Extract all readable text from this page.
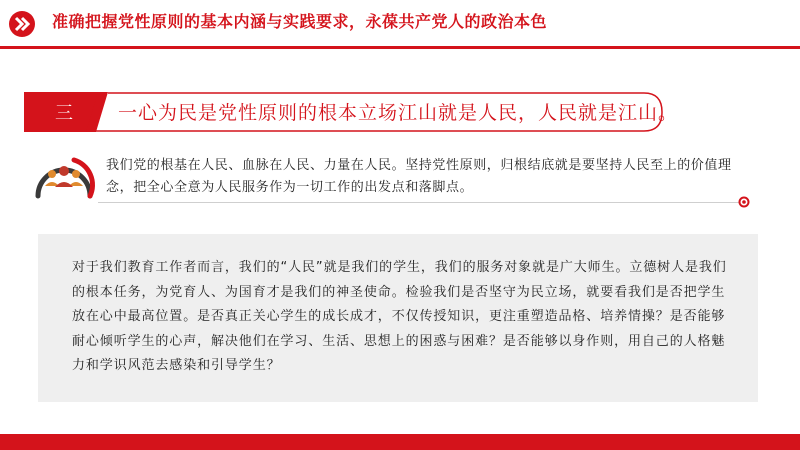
准确把握党性原则的基本内涵与实践要求，永葆共产党人的政治本色
三	一心为民是党性原则的根本立场江山就是人民，人民就是江山。
我们党的根基在人民、血脉在人民、力量在人民。坚持党性原则，归根结底就是要坚持人民至上的价值理念，把全心全意为人民服务作为一切工作的出发点和落脚点。

对于我们教育工作者而言，我们的“人民”就是我们的学生，我们的服务对象就是广大师生。立德树人是我们的根本任务，为党育人、为国育才是我们的神圣使命。检验我们是否坚守为民立场，就要看我们是否把学生放在心中最高位置。是否真正关心学生的成长成才，不仅传授知识，更注重塑造品格、培养情操？是否能够耐心倾听学生的心声，解决他们在学习、生活、思想上的困惑与困难？是否能够以身作则，用自己的人格魅力和学识风范去感染和引导学生？
